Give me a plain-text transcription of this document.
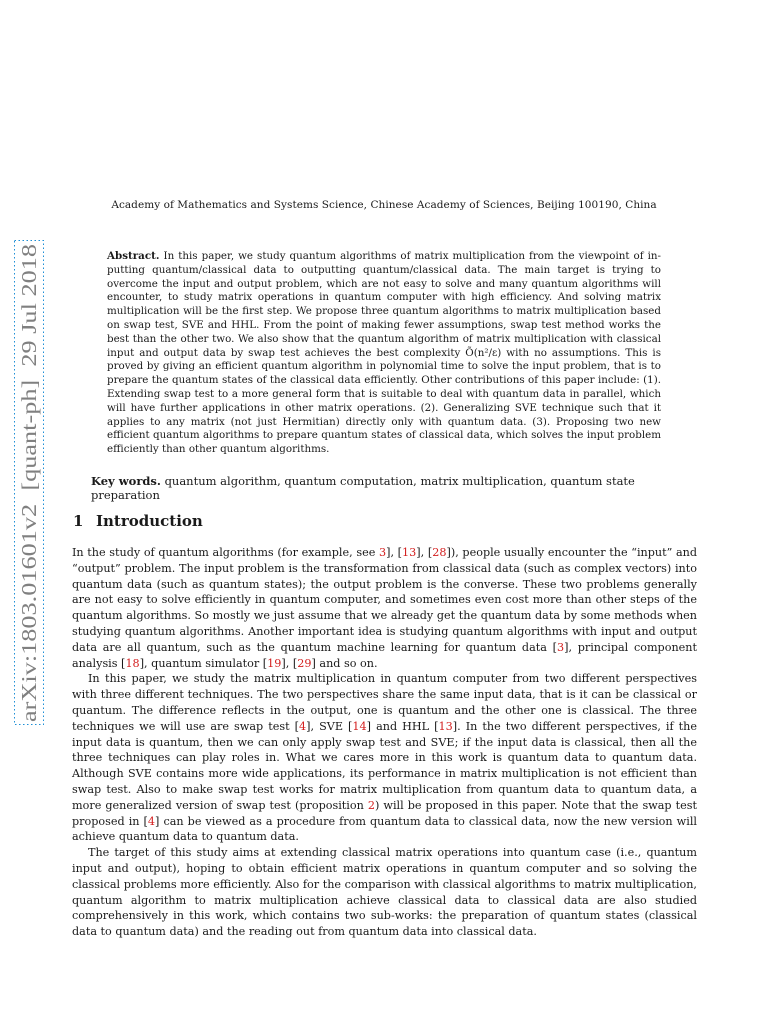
arXiv:1803.01601v2  [quant-ph]  29 Jul 2018
Academy of Mathematics and Systems Science, Chinese Academy of Sciences, Beijing 100190, China
Abstract. In this paper, we study quantum algorithms of matrix multiplication from the viewpoint of in-putting quantum/classical data to outputting quantum/classical data. The main target is trying to overcome the input and output problem, which are not easy to solve and many quantum algorithms will encounter, to study matrix operations in quantum computer with high efficiency. And solving matrix multiplication will be the first step. We propose three quantum algorithms to matrix multiplication based on swap test, SVE and HHL. From the point of making fewer assumptions, swap test method works the best than the other two. We also show that the quantum algorithm of matrix multiplication with classical input and output data by swap test achieves the best complexity Õ(n²/ε) with no assumptions. This is proved by giving an efficient quantum algorithm in polynomial time to solve the input problem, that is to prepare the quantum states of the classical data efficiently. Other contributions of this paper include: (1). Extending swap test to a more general form that is suitable to deal with quantum data in parallel, which will have further applications in other matrix operations. (2). Generalizing SVE technique such that it applies to any matrix (not just Hermitian) directly only with quantum data. (3). Proposing two new efficient quantum algorithms to prepare quantum states of classical data, which solves the input problem efficiently than other quantum algorithms.
Key words. quantum algorithm, quantum computation, matrix multiplication, quantum state preparation
1 Introduction

In the study of quantum algorithms (for example, see 3], [13], [28]), people usually encounter the “input” and “output” problem. The input problem is the transformation from classical data (such as complex vectors) into quantum data (such as quantum states); the output problem is the converse. These two problems generally are not easy to solve efficiently in quantum computer, and sometimes even cost more than other steps of the quantum algorithms. So mostly we just assume that we already get the quantum data by some methods when studying quantum algorithms. Another important idea is studying quantum algorithms with input and output data are all quantum, such as the quantum machine learning for quantum data [3], principal component analysis [18], quantum simulator [19], [29] and so on.

In this paper, we study the matrix multiplication in quantum computer from two different perspectives with three different techniques. The two perspectives share the same input data, that is it can be classical or quantum. The difference reflects in the output, one is quantum and the other one is classical. The three techniques we will use are swap test [4], SVE [14] and HHL [13]. In the two different perspectives, if the input data is quantum, then we can only apply swap test and SVE; if the input data is classical, then all the three techniques can play roles in. What we cares more in this work is quantum data to quantum data. Although SVE contains more wide applications, its performance in matrix multiplication is not efficient than swap test. Also to make swap test works for matrix multiplication from quantum data to quantum data, a more generalized version of swap test (proposition 2) will be proposed in this paper. Note that the swap test proposed in [4] can be viewed as a procedure from quantum data to classical data, now the new version will achieve quantum data to quantum data.

The target of this study aims at extending classical matrix operations into quantum case (i.e., quantum input and output), hoping to obtain efficient matrix operations in quantum computer and so solving the classical problems more efficiently. Also for the comparison with classical algorithms to matrix multiplication, quantum algorithm to matrix multiplication achieve classical data to classical data are also studied comprehensively in this work, which contains two sub-works: the preparation of quantum states (classical data to quantum data) and the reading out from quantum data into classical data.
